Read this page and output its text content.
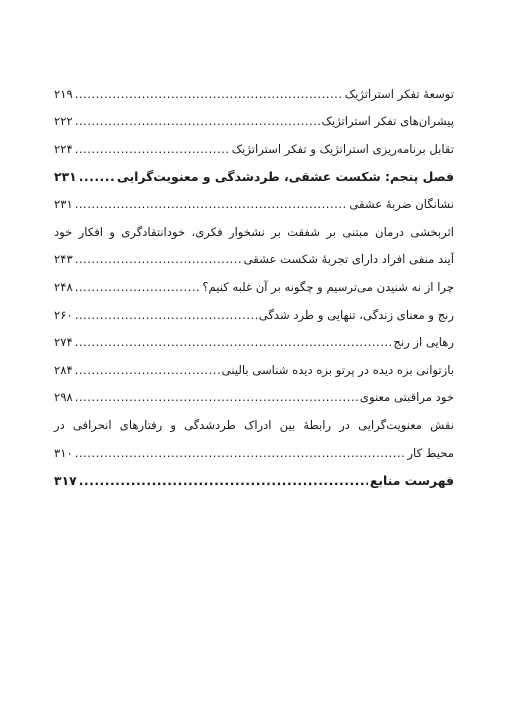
توسعهٔ تفکر استراتژیک
.....
۲۱۹
پیشران‌های تفکر استراتژیک
.....
۲۲۲
تقابل برنامه‌ریزی استراتژیک و تفکر استراتژیک
.....
۲۲۴
فصل پنجم: شکست عشقی، طردشدگی و معنویت‌گرایی
.....
۲۳۱
نشانگان ضربهٔ عشقی
.....
۲۳۱
اثربخشی درمان مبتنی بر شفقت بر نشخوار فکری، خودانتقادگری و افکار خود
آیند منفی افراد دارای تجربهٔ شکست عشقی
.....
۲۴۳
چرا از نه شنیدن می‌ترسیم و چگونه بر آن غلبه کنیم؟
.....
۲۴۸
رنج و معنای زندگی، تنهایی و طرد شدگی
.....
۲۶۰
رهایی از رنج
.....
۲۷۴
بازتوانی بزه دیده در پرتو بزه دیده شناسی بالینی
.....
۲۸۴
خود مراقبتی معنوی
.....
۲۹۸
نقش معنویت‌گرایی در رابطهٔ بین ادراک طردشدگی و رفتارهای انحرافی در
محیط کار
.....
۳۱۰
فهرست منابع
.....
۳۱۷
